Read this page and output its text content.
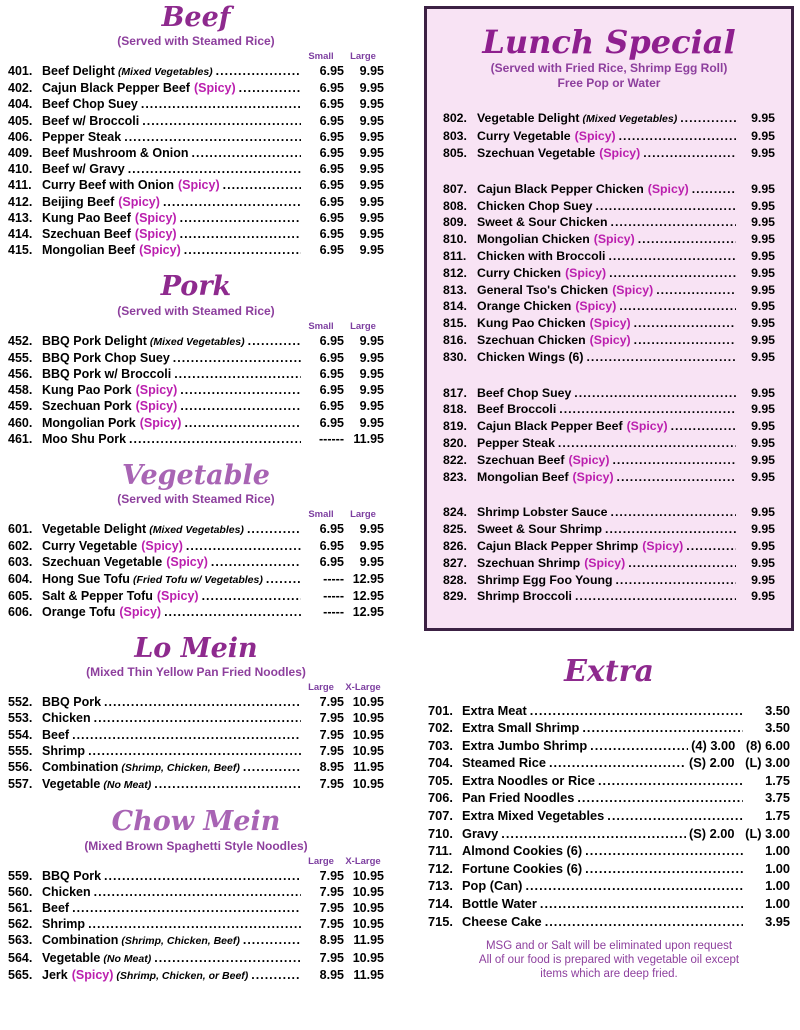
Beef
(Served with Steamed Rice)
Small	Large
401. Beef Delight (Mixed Vegetables) .....	6.95	9.95
402. Cajun Black Pepper Beef (Spicy) .....	6.95	9.95
404. Beef Chop Suey .....	6.95	9.95
405. Beef w/ Broccoli .....	6.95	9.95
406. Pepper Steak .....	6.95	9.95
409. Beef Mushroom & Onion .....	6.95	9.95
410. Beef w/ Gravy .....	6.95	9.95
411. Curry Beef with Onion (Spicy) .....	6.95	9.95
412. Beijing Beef (Spicy) .....	6.95	9.95
413. Kung Pao Beef (Spicy) .....	6.95	9.95
414. Szechuan Beef (Spicy) .....	6.95	9.95
415. Mongolian Beef (Spicy) .....	6.95	9.95
Pork
(Served with Steamed Rice)
Small	Large
452. BBQ Pork Delight (Mixed Vegetables) .....	6.95	9.95
455. BBQ Pork Chop Suey .....	6.95	9.95
456. BBQ Pork w/ Broccoli .....	6.95	9.95
458. Kung Pao Pork (Spicy) .....	6.95	9.95
459. Szechuan Pork (Spicy) .....	6.95	9.95
460. Mongolian Pork (Spicy) .....	6.95	9.95
461. Moo Shu Pork .....	------ 11.95
Vegetable
(Served with Steamed Rice)
Small	Large
601. Vegetable Delight (Mixed Vegetables) .....	6.95	9.95
602. Curry Vegetable (Spicy) .....	6.95	9.95
603. Szechuan Vegetable (Spicy) .....	6.95	9.95
604. Hong Sue Tofu (Fried Tofu w/ Vegetables) .....	----- 12.95
605. Salt & Pepper Tofu (Spicy) .....	----- 12.95
606. Orange Tofu (Spicy) .....	----- 12.95
Lo Mein
(Mixed Thin Yellow Pan Fried Noodles)
Large	X-Large
552. BBQ Pork .....	7.95 10.95
553. Chicken .....	7.95 10.95
554. Beef .....	7.95 10.95
555. Shrimp .....	7.95 10.95
556. Combination (Shrimp, Chicken, Beef) .....	8.95 11.95
557. Vegetable (No Meat) .....	7.95 10.95
Chow Mein
(Mixed Brown Spaghetti Style Noodles)
Large	X-Large
559. BBQ Pork .....	7.95 10.95
560. Chicken .....	7.95 10.95
561. Beef .....	7.95 10.95
562. Shrimp .....	7.95 10.95
563. Combination (Shrimp, Chicken, Beef) .....	8.95 11.95
564. Vegetable (No Meat) .....	7.95 10.95
565. Jerk (Spicy) (Shrimp, Chicken, or Beef) .....	8.95 11.95
Lunch Special
(Served with Fried Rice, Shrimp Egg Roll)
Free Pop or Water
802. Vegetable Delight (Mixed Vegetables) .....	9.95
803. Curry Vegetable (Spicy) .....	9.95
805. Szechuan Vegetable (Spicy) .....	9.95
807. Cajun Black Pepper Chicken (Spicy) .....	9.95
808. Chicken Chop Suey .....	9.95
809. Sweet & Sour Chicken .....	9.95
810. Mongolian Chicken (Spicy) .....	9.95
811. Chicken with Broccoli .....	9.95
812. Curry Chicken (Spicy) .....	9.95
813. General Tso's Chicken (Spicy) .....	9.95
814. Orange Chicken (Spicy) .....	9.95
815. Kung Pao Chicken (Spicy) .....	9.95
816. Szechuan Chicken (Spicy) .....	9.95
830. Chicken Wings (6) .....	9.95
817. Beef Chop Suey .....	9.95
818. Beef Broccoli .....	9.95
819. Cajun Black Pepper Beef (Spicy) .....	9.95
820. Pepper Steak .....	9.95
822. Szechuan Beef (Spicy) .....	9.95
823. Mongolian Beef (Spicy) .....	9.95
824. Shrimp Lobster Sauce .....	9.95
825. Sweet & Sour Shrimp .....	9.95
826. Cajun Black Pepper Shrimp (Spicy) .....	9.95
827. Szechuan Shrimp (Spicy) .....	9.95
828. Shrimp Egg Foo Young .....	9.95
829. Shrimp Broccoli .....	9.95
Extra
701. Extra Meat .....	3.50
702. Extra Small Shrimp .....	3.50
703. Extra Jumbo Shrimp .....	(4) 3.00   (8) 6.00
704. Steamed Rice .....	(S) 2.00   (L) 3.00
705. Extra Noodles or Rice .....	1.75
706. Pan Fried Noodles .....	3.75
707. Extra Mixed Vegetables .....	1.75
710. Gravy .....	(S) 2.00   (L) 3.00
711. Almond Cookies (6) .....	1.00
712. Fortune Cookies (6) .....	1.00
713. Pop (Can) .....	1.00
714. Bottle Water .....	1.00
715. Cheese Cake .....	3.95
MSG and or Salt will be eliminated upon request
All of our food is prepared with vegetable oil except
items which are deep fried.
